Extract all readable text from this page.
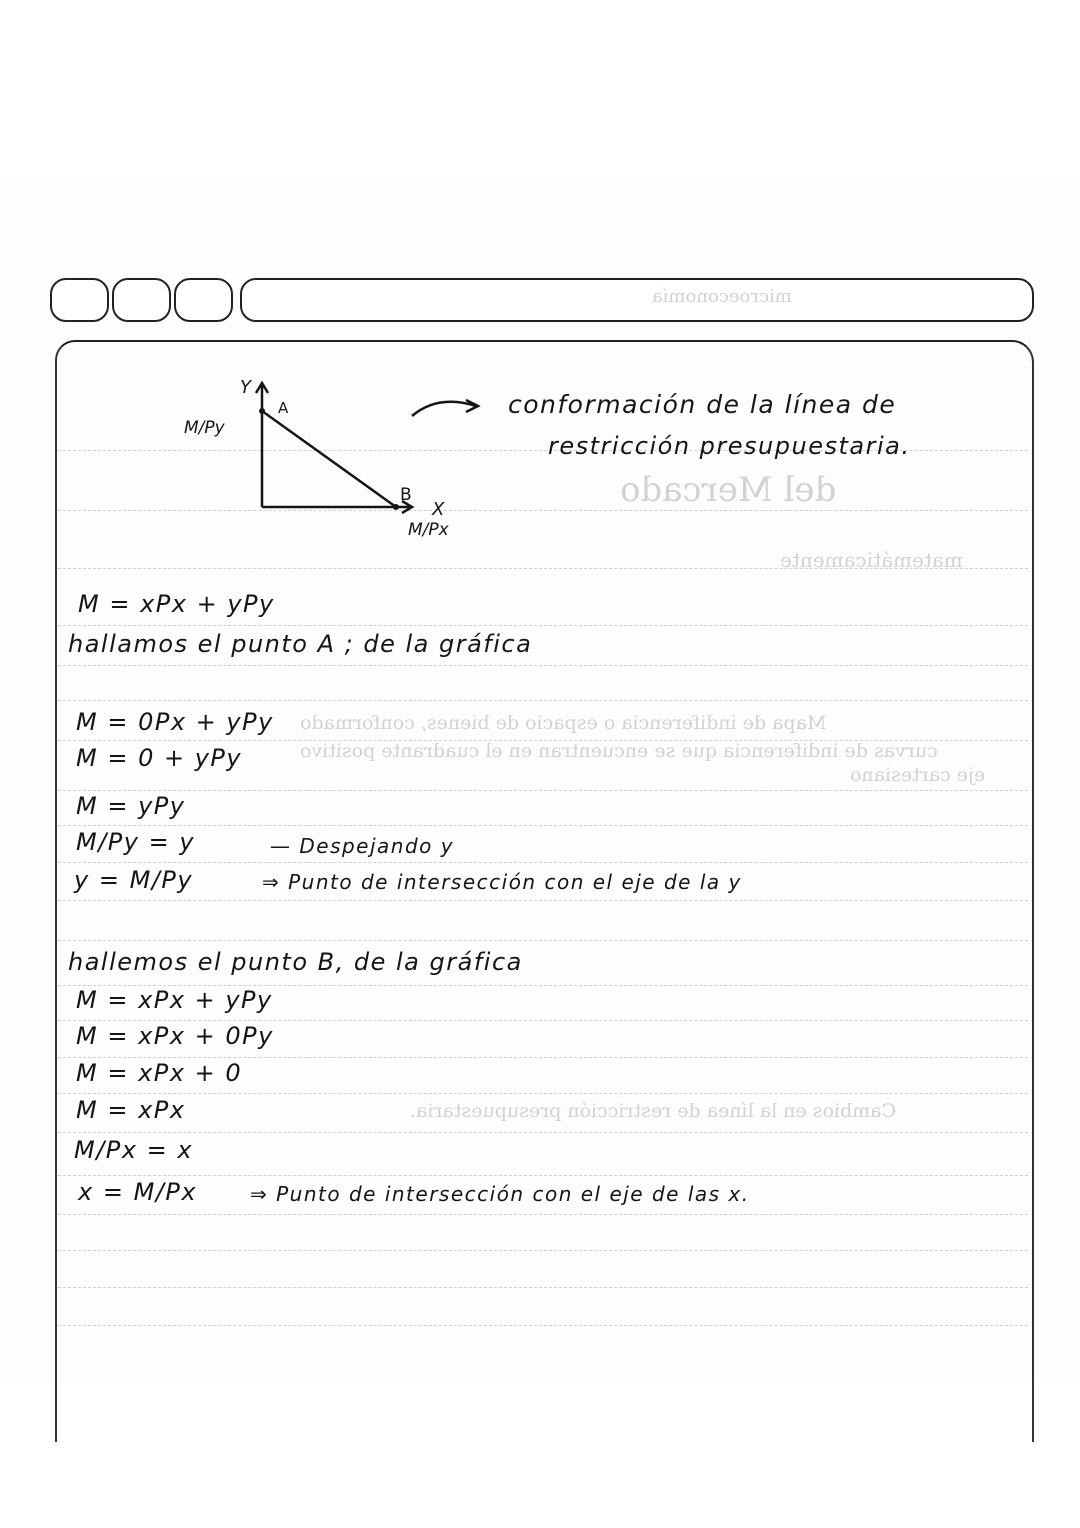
microeconomía
del Mercado
matemáticamente
Mapa de indiferencia o espacio de bienes, conformado
curvas de indiferencia que se encuentran en el cuadrante positivo
eje cartesiano
Cambios en la línea de restricción presupuestaria.
Y
A
M/Py
B
X
M/Px
conformación de la línea de
restricción presupuestaria.
M = xPx + yPy
hallamos el punto A ; de la gráfica
M = 0Px + yPy
M = 0 + yPy
M = yPy
M/Py = y	— Despejando y
y = M/Py	⇒ Punto de intersección con el eje de la y
hallemos el punto B, de la gráfica
M = xPx + yPy
M = xPx + 0Py
M = xPx + 0
M = xPx
M/Px = x
x = M/Px	⇒ Punto de intersección con el eje de las x.
